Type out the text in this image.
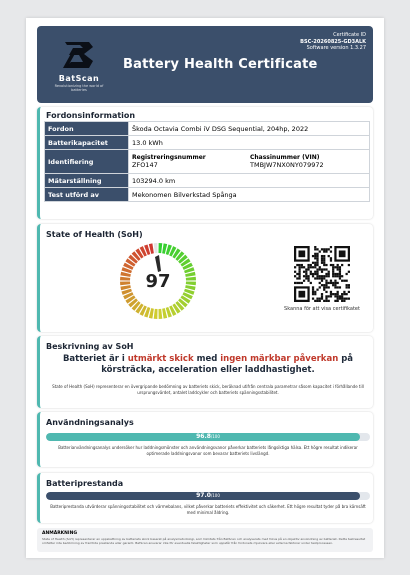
BatScan
Revolutionizing the world of batteries
Battery Health Certificate
Certificate ID
BSC-20260825-GD3ALK
Software version 1.3.27
Fordonsinformation
Fordon	Škoda Octavia Combi iV DSG Sequential, 204hp, 2022
Batterikapacitet	13.0 kWh
Identifiering	Registreringsnummer
ZFO147
Chassinummer (VIN)
TMBJW7NX0NY079972

Mätarställning	103294.0 km
Test utförd av	Mekonomen Bilverkstad Spånga
State of Health (SoH)
97
Skanna för att visa certifikatet
Beskrivning av SoH
Batteriet är i utmärkt skick med ingen märkbar påverkan på körsträcka, acceleration eller laddhastighet.
State of Health (SoH) representerar en övergripande bedömning av batteriets skick, beräknad utifrån centrala parametrar såsom kapacitet i förhållande till ursprungsvärdet, antalet laddcykler och batteriets spänningsstabilitet.
Användningsanalys
96.8/100
Batterianvändningsanalys undersöker hur laddningsmönster och användningsvanor påverkar batteriets långsiktiga hälsa. Ett högre resultat indikerar optimerade laddningsvanor som bevarar batteriets livslängd.
Batteriprestanda
97.0/100
Batteriprestanda utvärderar spänningsstabilitet och värmebalans, vilket påverkar batteriets effektivitet och säkerhet. Ett högre resultat tyder på bra kärnsäft med minimal åldring.
ANMÄRKNING
State of Health (SoH) representerar en uppskattning av batteriets skick baserat på analysmetodologi, som hämtats från BatScan och analyserats med fokus på en objektiv användning av batteriet. Detta testresultat omfattar inte bedömning av framtida prestanda eller garanti. BatScan ansvarar inte för eventuella felaktigheter som uppstår från fordonets mjukvara eller externa faktorer under testprocessen.
